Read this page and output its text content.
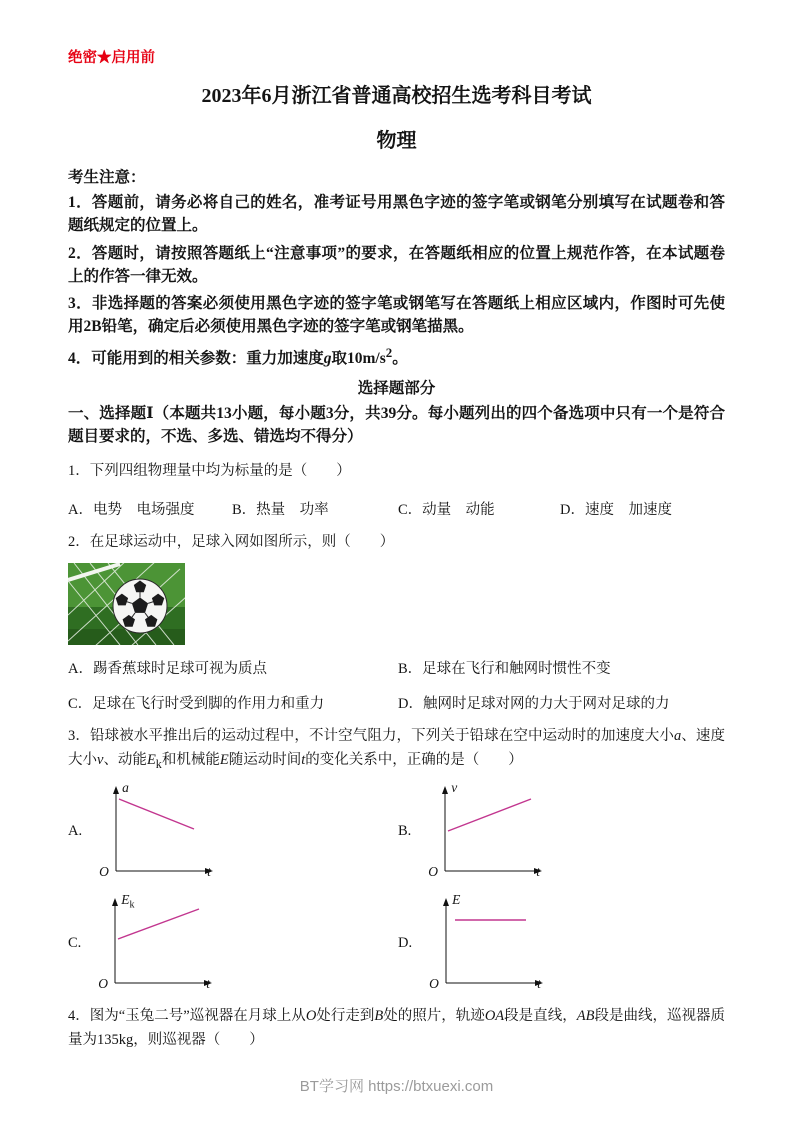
绝密★启用前

2023年6月浙江省普通高校招生选考科目考试
物理

考生注意：

1．答题前，请务必将自己的姓名，准考证号用黑色字迹的签字笔或钢笔分别填写在试题卷和答题纸规定的位置上。

2．答题时，请按照答题纸上“注意事项”的要求，在答题纸相应的位置上规范作答，在本试题卷上的作答一律无效。

3．非选择题的答案必须使用黑色字迹的签字笔或钢笔写在答题纸上相应区域内，作图时可先使用2B铅笔，确定后必须使用黑色字迹的签字笔或钢笔描黑。

4．可能用到的相关参数：重力加速度g取$10m/s^2$。

选择题部分

一、选择题Ⅰ（本题共13小题，每小题3分，共39分。每小题列出的四个备选项中只有一个是符合题目要求的，不选、多选、错选均不得分）

1．下列四组物理量中均为标量的是（　　）

A．电势　电场强度	B．热量　功率	C．动量　动能	D．速度　加速度

2．在足球运动中，足球入网如图所示，则（　　）

A．踢香蕉球时足球可视为质点	B．足球在飞行和触网时惯性不变
C．足球在飞行时受到脚的作用力和重力	D．触网时足球对网的力大于网对足球的力

3．铅球被水平推出后的运动过程中，不计空气阻力，下列关于铅球在空中运动时的加速度大小a、速度大小v、动能$E_k$和机械能E随运动时间t的变化关系中，正确的是（　　）

A.
a
O	t
B.
v
O	t
C.
$E_k$
O	t
D.
E
O	t

4．图为“玉兔二号”巡视器在月球上从O处行走到B处的照片，轨迹OA段是直线，AB段是曲线，巡视器质量为135kg，则巡视器（　　）

BT学习网 https://btxuexi.com
